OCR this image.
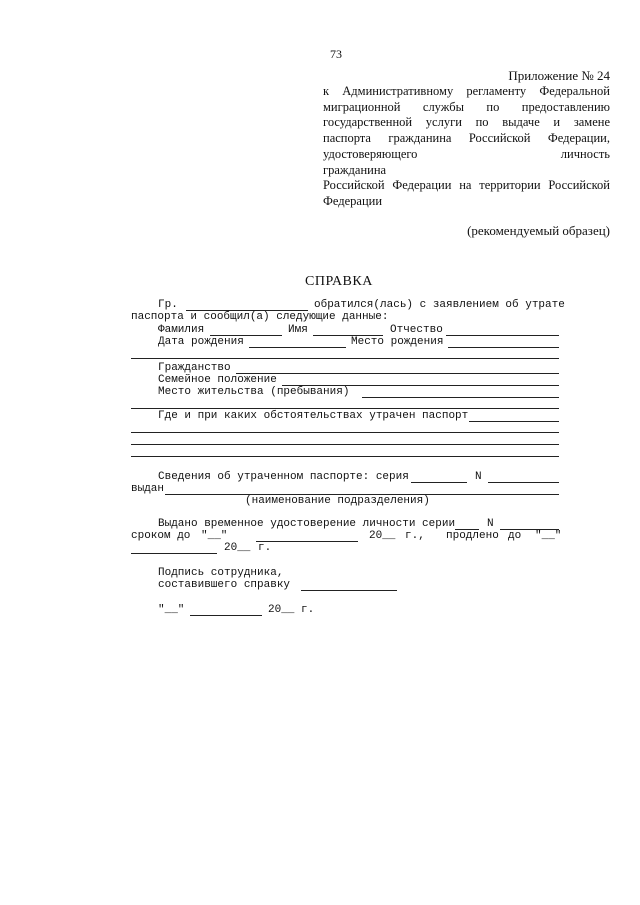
73
Приложение № 24
к Административному регламенту Федеральной
миграционной службы по предоставлению
государственной услуги по выдаче и замене
паспорта гражданина Российской Федерации,
удостоверяющего личность гражданина
Российской Федерации на территории Российской
Федерации
(рекомендуемый образец)
СПРАВКА
Гр.	обратился(лась) с заявлением об утрате
паспорта и сообщил(а) следующие данные:
Фамилия	Имя	Отчество
Дата рождения	Место рождения
Гражданство
Семейное положение
Место жительства (пребывания)
Где и при каких обстоятельствах утрачен паспорт
Сведения об утраченном паспорте: серия	N
выдан
(наименование подразделения)
Выдано временное удостоверение личности серии	N
сроком до "__"	20__ г., продлено до "__"
20__ г.
Подпись сотрудника,
составившего справку
"__"	20__ г.
